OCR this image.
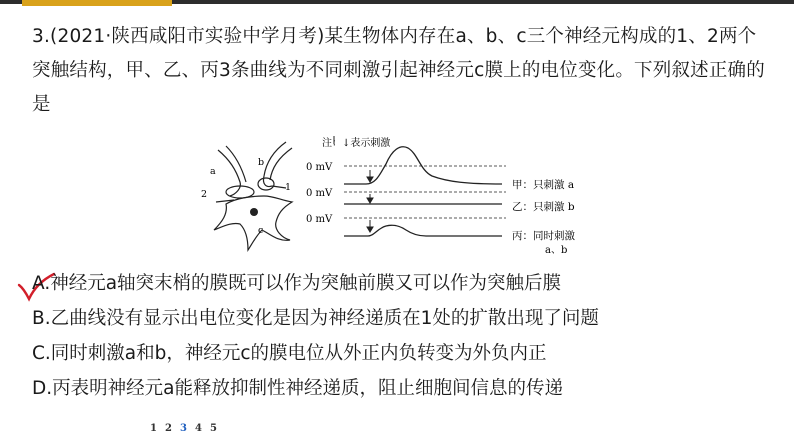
3.(2021·陕西咸阳市实验中学月考)某生物体内存在a、b、c三个神经元构成的1、2两个突触结构，甲、乙、丙3条曲线为不同刺激引起神经元c膜上的电位变化。下列叙述正确的是

a
b
c
1
2
注：↓表示刺激
0 mV
0 mV
0 mV
甲：只刺激 a
乙：只刺激 b
丙：同时刺激
a、b

A.神经元a轴突末梢的膜既可以作为突触前膜又可以作为突触后膜

B.乙曲线没有显示出电位变化是因为神经递质在1处的扩散出现了问题

C.同时刺激a和b，神经元c的膜电位从外正内负转变为外负内正

D.丙表明神经元a能释放抑制性神经递质，阻止细胞间信息的传递

1 2 3 4 5
